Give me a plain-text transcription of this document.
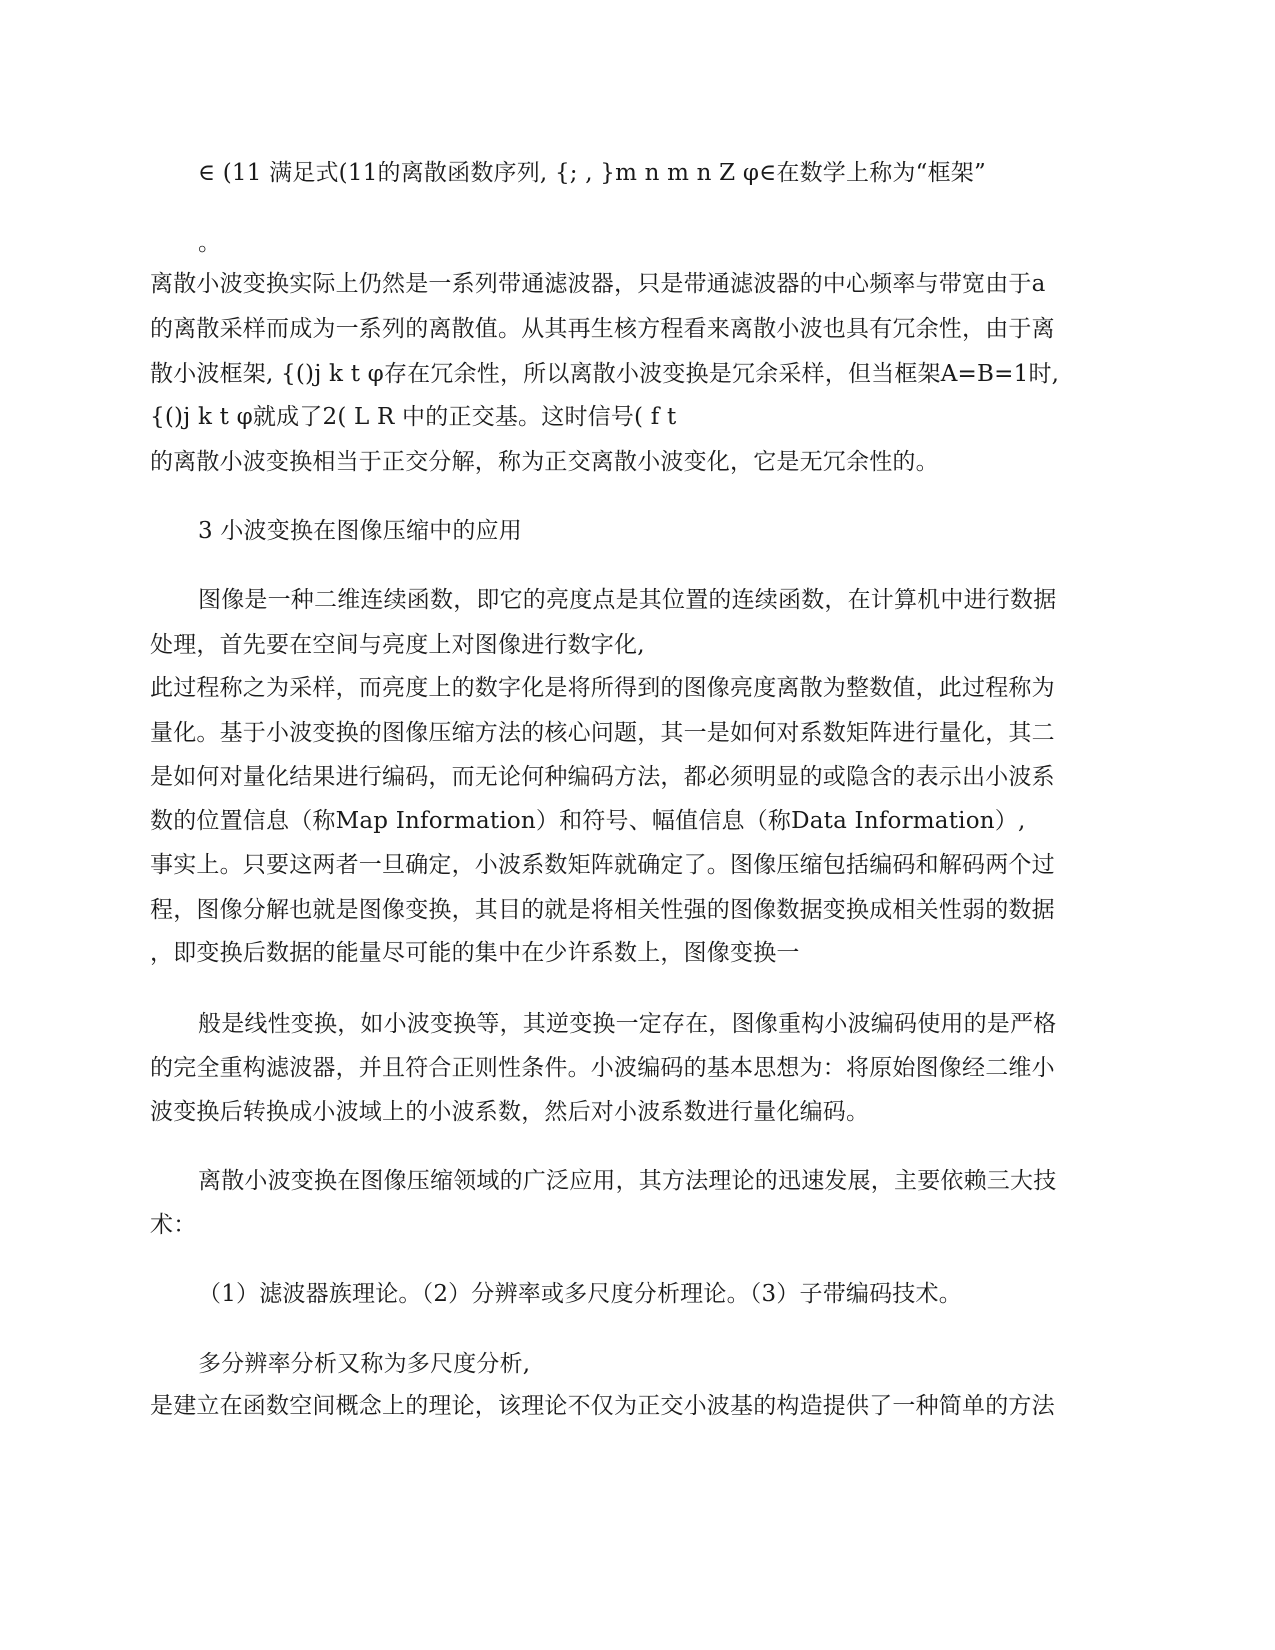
∈ (11 满足式(11的离散函数序列, {; , }m n m n Z φ∈在数学上称为“框架”
。
离散小波变换实际上仍然是一系列带通滤波器，只是带通滤波器的中心频率与带宽由于a
的离散采样而成为一系列的离散值。从其再生核方程看来离散小波也具有冗余性，由于离
散小波框架, {()j k t φ存在冗余性，所以离散小波变换是冗余采样，但当框架A=B=1时,
{()j k t φ就成了2( L R 中的正交基。这时信号( f t
的离散小波变换相当于正交分解，称为正交离散小波变化，它是无冗余性的。
3 小波变换在图像压缩中的应用
图像是一种二维连续函数，即它的亮度点是其位置的连续函数，在计算机中进行数据
处理，首先要在空间与亮度上对图像进行数字化,
此过程称之为采样，而亮度上的数字化是将所得到的图像亮度离散为整数值，此过程称为
量化。基于小波变换的图像压缩方法的核心问题，其一是如何对系数矩阵进行量化，其二
是如何对量化结果进行编码，而无论何种编码方法，都必须明显的或隐含的表示出小波系
数的位置信息（称Map Information）和符号、幅值信息（称Data Information）,
事实上。只要这两者一旦确定，小波系数矩阵就确定了。图像压缩包括编码和解码两个过
程，图像分解也就是图像变换，其目的就是将相关性强的图像数据变换成相关性弱的数据
，即变换后数据的能量尽可能的集中在少许系数上，图像变换一
般是线性变换，如小波变换等，其逆变换一定存在，图像重构小波编码使用的是严格
的完全重构滤波器，并且符合正则性条件。小波编码的基本思想为：将原始图像经二维小
波变换后转换成小波域上的小波系数，然后对小波系数进行量化编码。
离散小波变换在图像压缩领域的广泛应用，其方法理论的迅速发展，主要依赖三大技
术：
（1）滤波器族理论。（2）分辨率或多尺度分析理论。（3）子带编码技术。
多分辨率分析又称为多尺度分析,
是建立在函数空间概念上的理论，该理论不仅为正交小波基的构造提供了一种简单的方法
